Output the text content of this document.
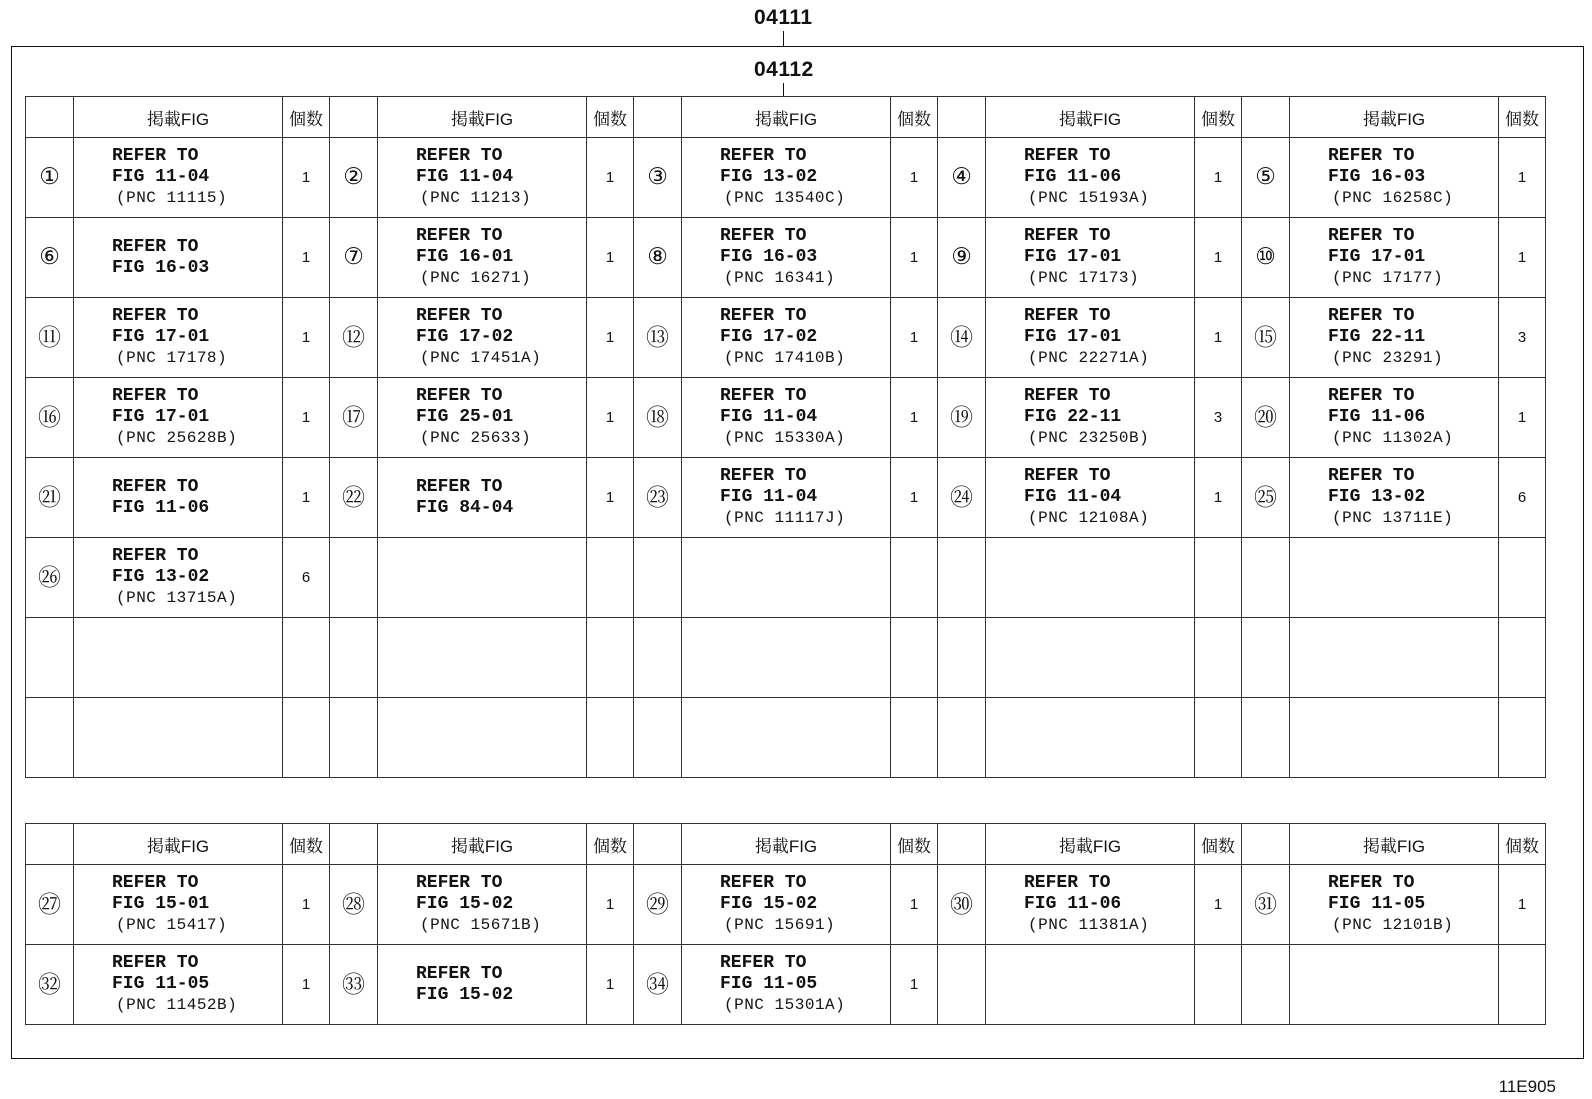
04111
04112
	掲載FIG	個数		掲載FIG	個数		掲載FIG	個数		掲載FIG	個数		掲載FIG	個数
①	REFER TO
FIG 11-04
(PNC 11115)	1	②	REFER TO
FIG 11-04
(PNC 11213)	1	③	REFER TO
FIG 13-02
(PNC 13540C)	1	④	REFER TO
FIG 11-06
(PNC 15193A)	1	⑤	REFER TO
FIG 16-03
(PNC 16258C)	1
⑥	REFER TO
FIG 16-03	1	⑦	REFER TO
FIG 16-01
(PNC 16271)	1	⑧	REFER TO
FIG 16-03
(PNC 16341)	1	⑨	REFER TO
FIG 17-01
(PNC 17173)	1	⑩	REFER TO
FIG 17-01
(PNC 17177)	1
⑪	REFER TO
FIG 17-01
(PNC 17178)	1	⑫	REFER TO
FIG 17-02
(PNC 17451A)	1	⑬	REFER TO
FIG 17-02
(PNC 17410B)	1	⑭	REFER TO
FIG 17-01
(PNC 22271A)	1	⑮	REFER TO
FIG 22-11
(PNC 23291)	3
⑯	REFER TO
FIG 17-01
(PNC 25628B)	1	⑰	REFER TO
FIG 25-01
(PNC 25633)	1	⑱	REFER TO
FIG 11-04
(PNC 15330A)	1	⑲	REFER TO
FIG 22-11
(PNC 23250B)	3	⑳	REFER TO
FIG 11-06
(PNC 11302A)	1
㉑	REFER TO
FIG 11-06	1	㉒	REFER TO
FIG 84-04	1	㉓	REFER TO
FIG 11-04
(PNC 11117J)	1	㉔	REFER TO
FIG 11-04
(PNC 12108A)	1	㉕	REFER TO
FIG 13-02
(PNC 13711E)	6
㉖	REFER TO
FIG 13-02
(PNC 13715A)	6												

	掲載FIG	個数		掲載FIG	個数		掲載FIG	個数		掲載FIG	個数		掲載FIG	個数
㉗	REFER TO
FIG 15-01
(PNC 15417)	1	㉘	REFER TO
FIG 15-02
(PNC 15671B)	1	㉙	REFER TO
FIG 15-02
(PNC 15691)	1	㉚	REFER TO
FIG 11-06
(PNC 11381A)	1	㉛	REFER TO
FIG 11-05
(PNC 12101B)	1
㉜	REFER TO
FIG 11-05
(PNC 11452B)	1	㉝	REFER TO
FIG 15-02	1	㉞	REFER TO
FIG 11-05
(PNC 15301A)	1						
11E905
